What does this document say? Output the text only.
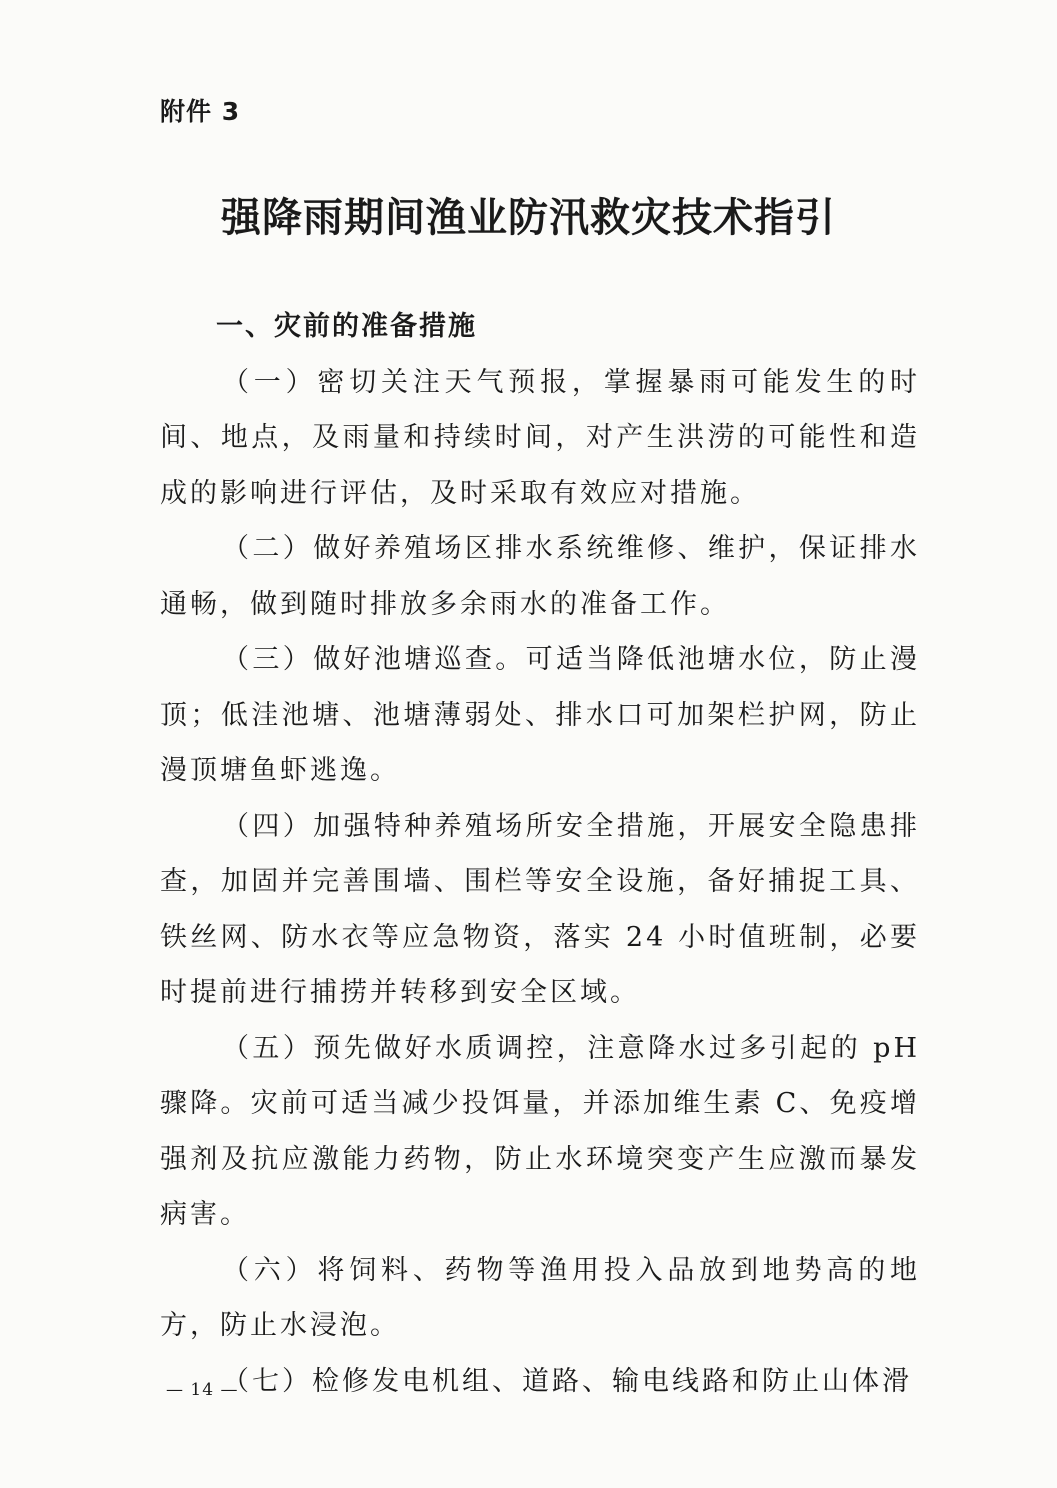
附件 3
强降雨期间渔业防汛救灾技术指引

一、灾前的准备措施

（一）密切关注天气预报，掌握暴雨可能发生的时间、地点，及雨量和持续时间，对产生洪涝的可能性和造成的影响进行评估，及时采取有效应对措施。

（二）做好养殖场区排水系统维修、维护，保证排水通畅，做到随时排放多余雨水的准备工作。

（三）做好池塘巡查。可适当降低池塘水位，防止漫顶；低洼池塘、池塘薄弱处、排水口可加架栏护网，防止漫顶塘鱼虾逃逸。

（四）加强特种养殖场所安全措施，开展安全隐患排查，加固并完善围墙、围栏等安全设施，备好捕捉工具、铁丝网、防水衣等应急物资，落实 24 小时值班制，必要时提前进行捕捞并转移到安全区域。

（五）预先做好水质调控，注意降水过多引起的 pH 骤降。灾前可适当减少投饵量，并添加维生素 C、免疫增强剂及抗应激能力药物，防止水环境突变产生应激而暴发病害。

（六）将饲料、药物等渔用投入品放到地势高的地方，防止水浸泡。

（七）检修发电机组、道路、输电线路和防止山体滑

— 14 —
